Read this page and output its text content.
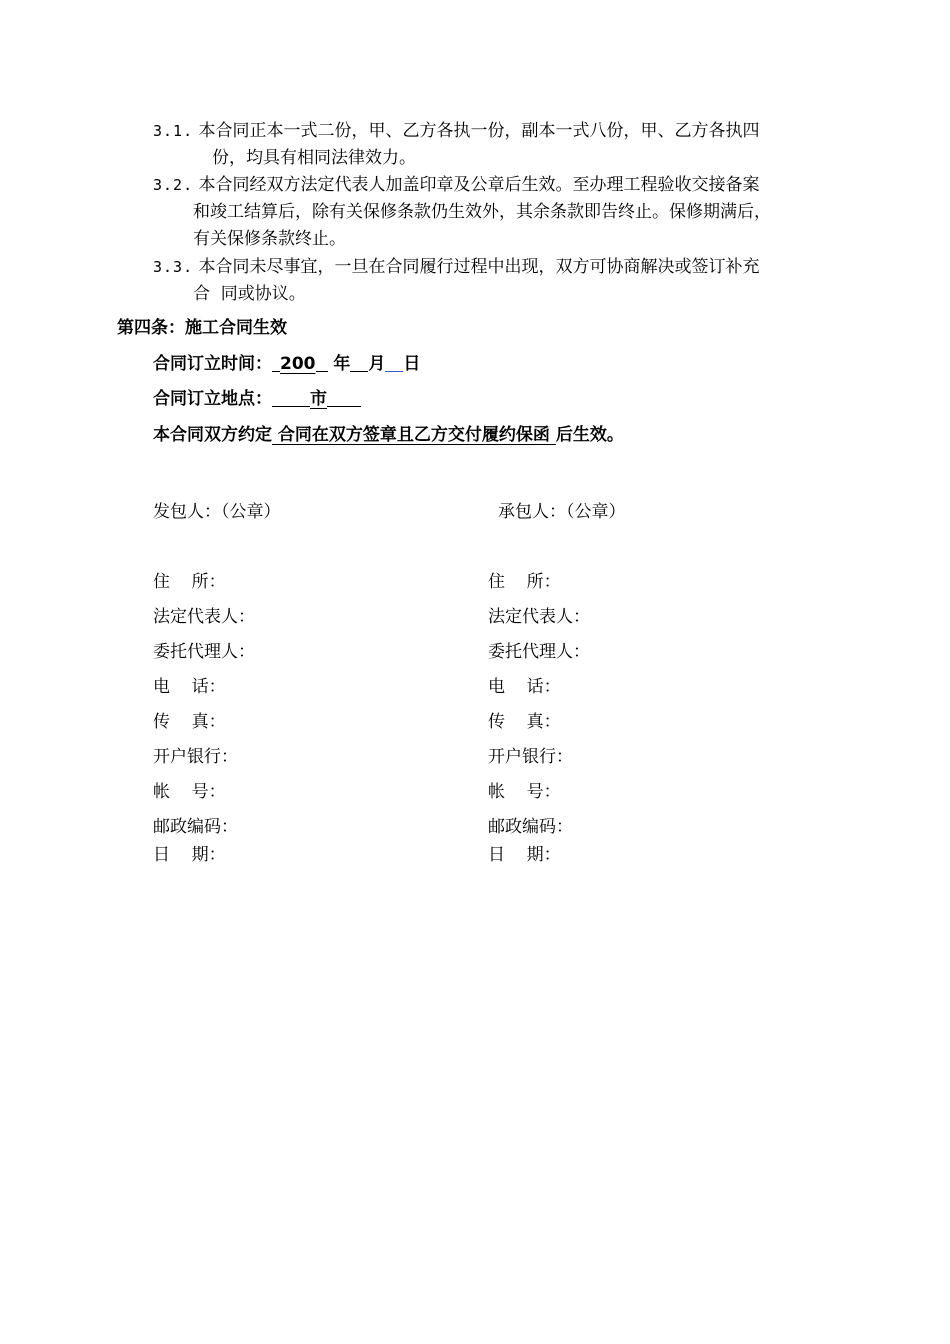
3.1. 本合同正本一式二份，甲、乙方各执一份，副本一式八份，甲、乙方各执四
份，均具有相同法律效力。
3.2. 本合同经双方法定代表人加盖印章及公章后生效。至办理工程验收交接备案
和竣工结算后，除有关保修条款仍生效外，其余条款即告终止。保修期满后，
有关保修条款终止。
3.3. 本合同未尽事宜，一旦在合同履行过程中出现，双方可协商解决或签订补充
合  同或协议。
第四条：施工合同生效
合同订立时间： 200 年 月 日
合同订立地点： 市
本合同双方约定 合同在双方签章且乙方交付履约保函 后生效。
发包人：（公章）	承包人：（公章）
住    所：
法定代表人：
委托代理人：
电    话：
传    真：
开户银行：
帐    号：
邮政编码：
日    期：
住    所：
法定代表人：
委托代理人：
电    话：
传    真：
开户银行：
帐    号：
邮政编码：
日    期：
